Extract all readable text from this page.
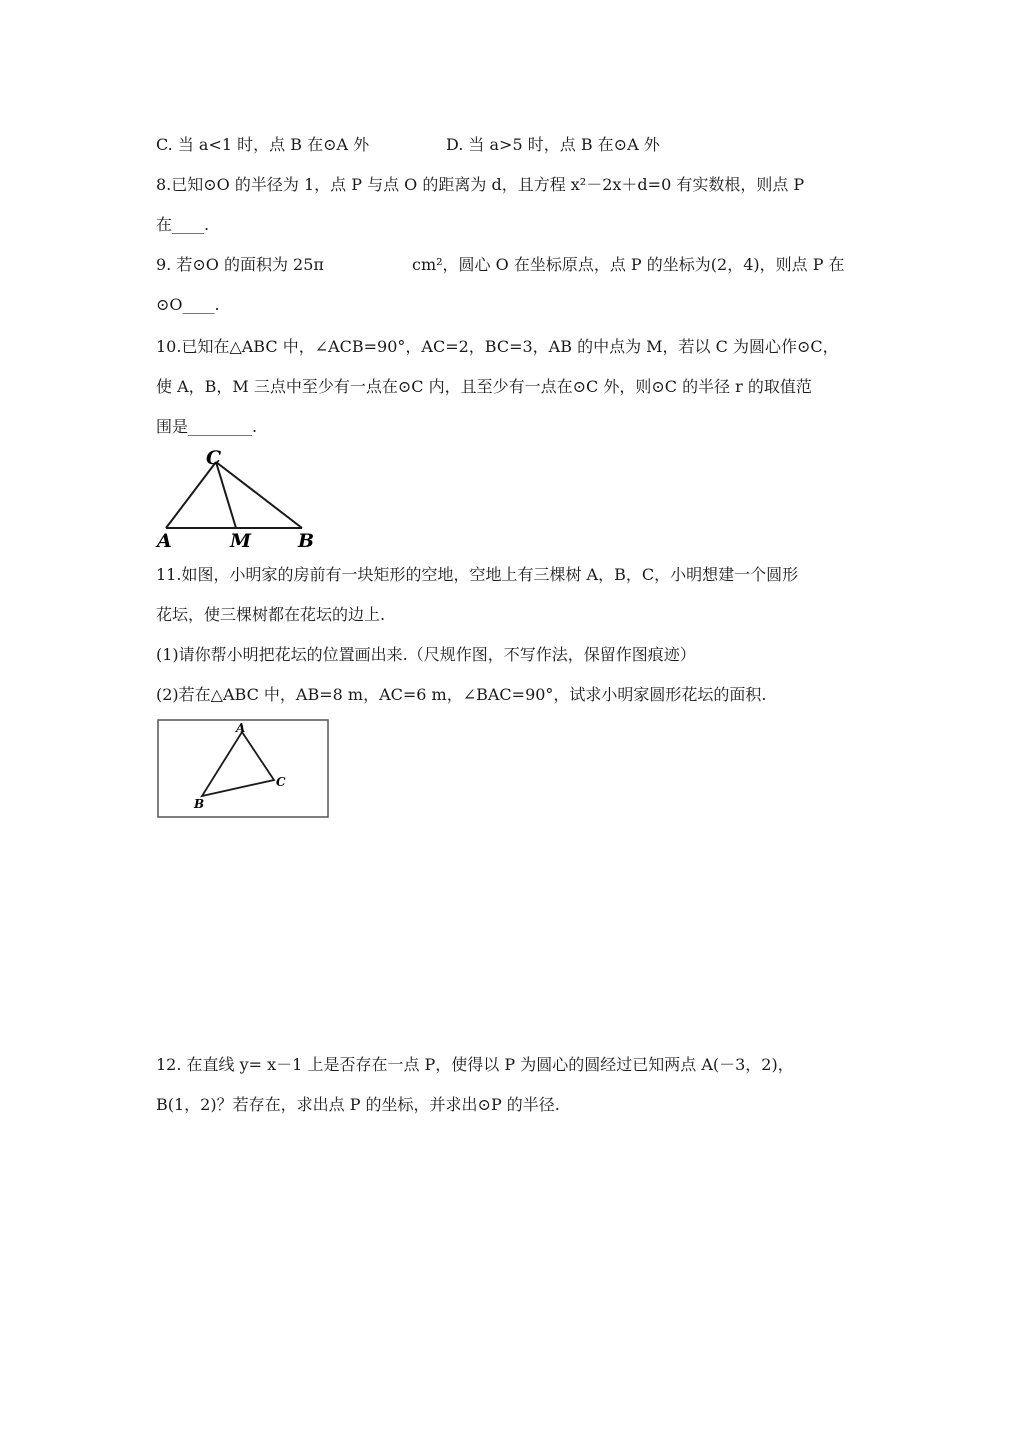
C. 当 a<1 时，点 B 在⊙A 外	D. 当 a>5 时，点 B 在⊙A 外
8.已知⊙O 的半径为 1，点 P 与点 O 的距离为 d，且方程 x²－2x＋d=0 有实数根，则点 P
在____.
9. 若⊙O 的面积为 25π	cm²，圆心 O 在坐标原点，点 P 的坐标为(2，4)，则点 P 在
⊙O____.
10.已知在△ABC 中，∠ACB=90°，AC=2，BC=3，AB 的中点为 M，若以 C 为圆心作⊙C，
使 A，B，M 三点中至少有一点在⊙C 内，且至少有一点在⊙C 外，则⊙C 的半径 r 的取值范
围是________.
C
A	M B
11.如图，小明家的房前有一块矩形的空地，空地上有三棵树 A，B，C，小明想建一个圆形
花坛，使三棵树都在花坛的边上.
(1)请你帮小明把花坛的位置画出来.（尺规作图，不写作法，保留作图痕迹）
(2)若在△ABC 中，AB=8 m，AC=6 m，∠BAC=90°，试求小明家圆形花坛的面积.
A
C
B
12. 在直线 y= x－1 上是否存在一点 P，使得以 P 为圆心的圆经过已知两点 A(－3，2)，
B(1，2)？若存在，求出点 P 的坐标，并求出⊙P 的半径.
